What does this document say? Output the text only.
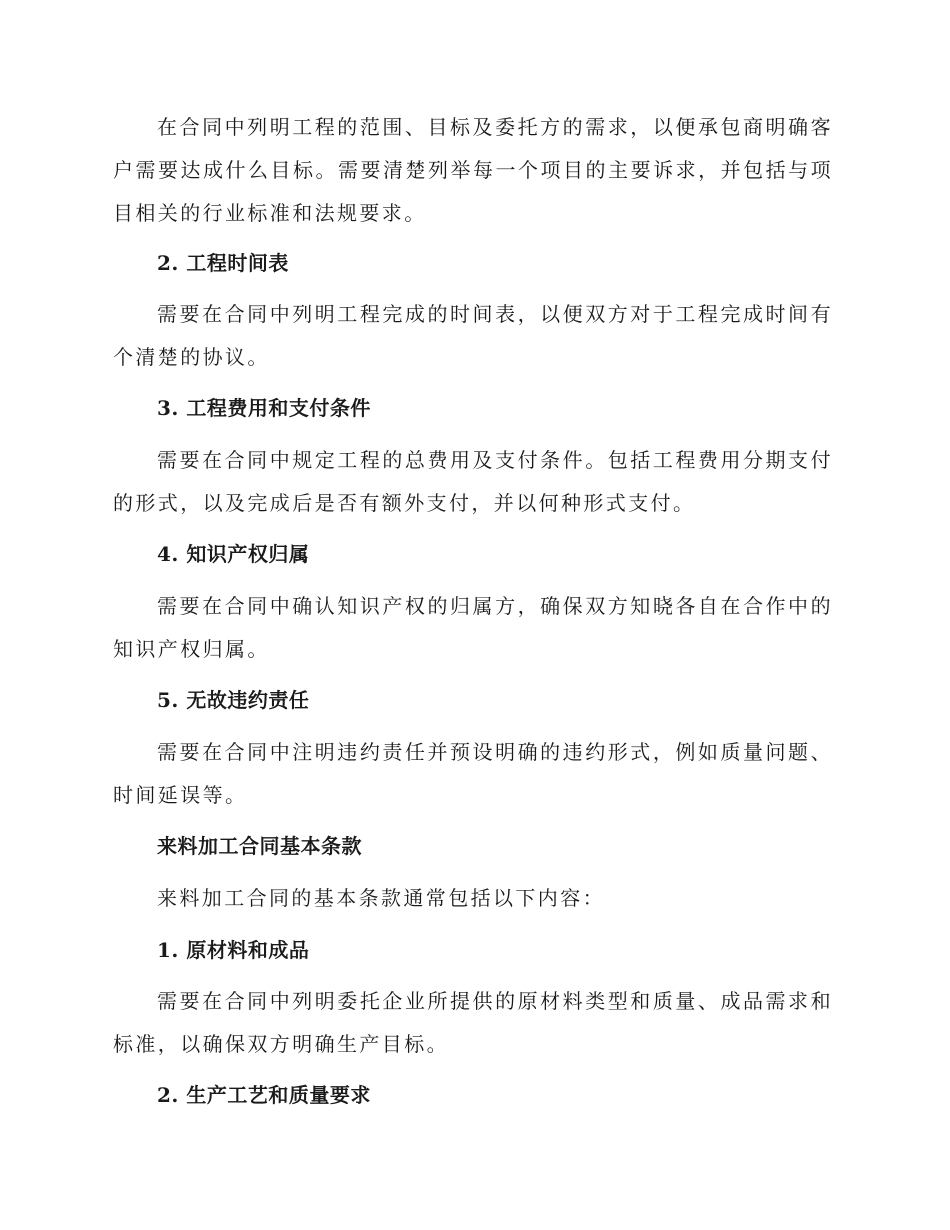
在合同中列明工程的范围、目标及委托方的需求，以便承包商明确客户需要达成什么目标。需要清楚列举每一个项目的主要诉求，并包括与项目相关的行业标准和法规要求。

2. 工程时间表

需要在合同中列明工程完成的时间表，以便双方对于工程完成时间有个清楚的协议。

3. 工程费用和支付条件

需要在合同中规定工程的总费用及支付条件。包括工程费用分期支付的形式，以及完成后是否有额外支付，并以何种形式支付。

4. 知识产权归属

需要在合同中确认知识产权的归属方，确保双方知晓各自在合作中的知识产权归属。

5. 无故违约责任

需要在合同中注明违约责任并预设明确的违约形式，例如质量问题、时间延误等。

来料加工合同基本条款

来料加工合同的基本条款通常包括以下内容：

1. 原材料和成品

需要在合同中列明委托企业所提供的原材料类型和质量、成品需求和标准，以确保双方明确生产目标。

2. 生产工艺和质量要求
